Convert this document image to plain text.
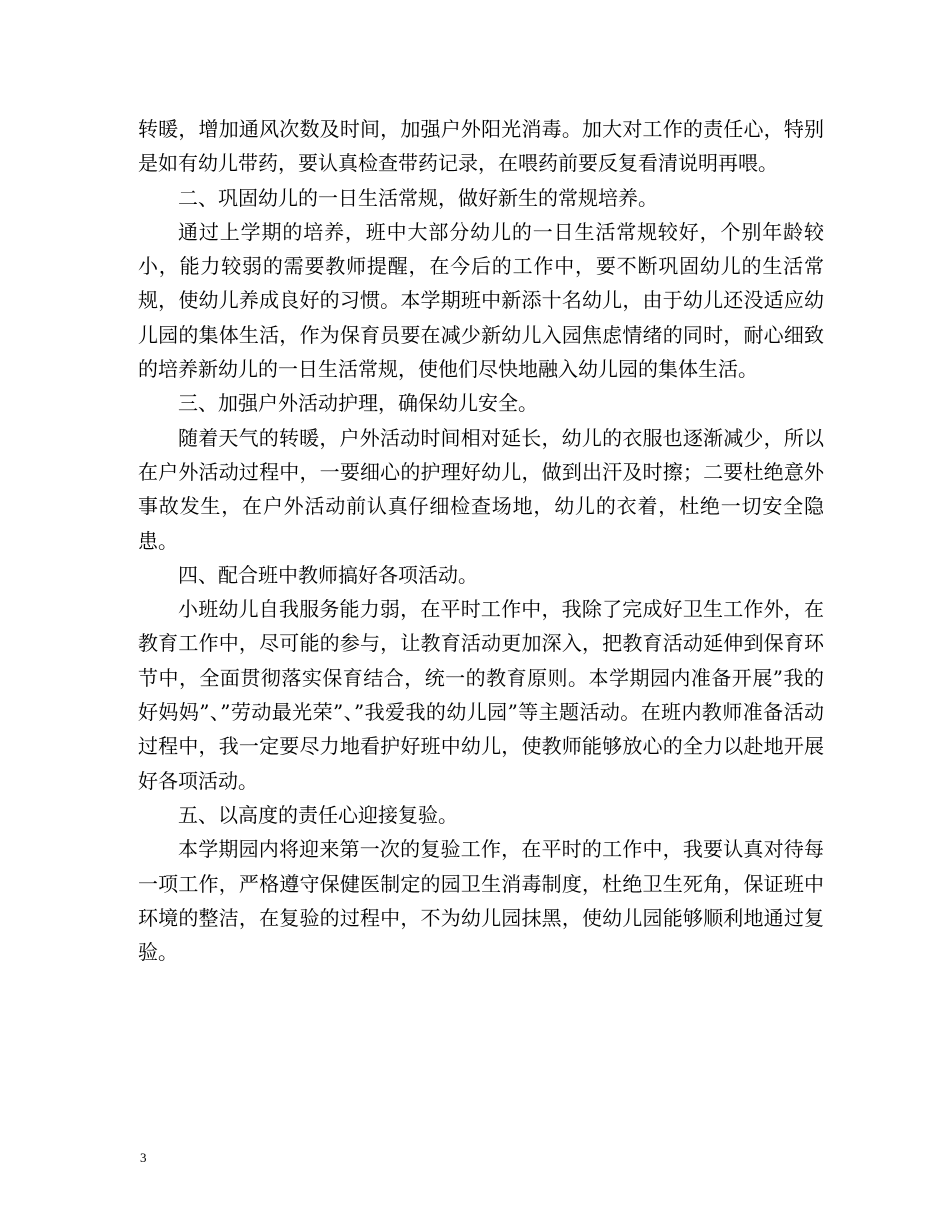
转暖，增加通风次数及时间，加强户外阳光消毒。加大对工作的责任心，特别是如有幼儿带药，要认真检查带药记录，在喂药前要反复看清说明再喂。

二、巩固幼儿的一日生活常规，做好新生的常规培养。

通过上学期的培养，班中大部分幼儿的一日生活常规较好，个别年龄较小，能力较弱的需要教师提醒，在今后的工作中，要不断巩固幼儿的生活常规，使幼儿养成良好的习惯。本学期班中新添十名幼儿，由于幼儿还没适应幼儿园的集体生活，作为保育员要在减少新幼儿入园焦虑情绪的同时，耐心细致的培养新幼儿的一日生活常规，使他们尽快地融入幼儿园的集体生活。

三、加强户外活动护理，确保幼儿安全。

随着天气的转暖，户外活动时间相对延长，幼儿的衣服也逐渐减少，所以在户外活动过程中，一要细心的护理好幼儿，做到出汗及时擦；二要杜绝意外事故发生，在户外活动前认真仔细检查场地，幼儿的衣着，杜绝一切安全隐患。

四、配合班中教师搞好各项活动。

小班幼儿自我服务能力弱，在平时工作中，我除了完成好卫生工作外，在教育工作中，尽可能的参与，让教育活动更加深入，把教育活动延伸到保育环节中，全面贯彻落实保育结合，统一的教育原则。本学期园内准备开展”我的好妈妈”、”劳动最光荣”、”我爱我的幼儿园”等主题活动。在班内教师准备活动过程中，我一定要尽力地看护好班中幼儿，使教师能够放心的全力以赴地开展好各项活动。

五、以高度的责任心迎接复验。

本学期园内将迎来第一次的复验工作，在平时的工作中，我要认真对待每一项工作，严格遵守保健医制定的园卫生消毒制度，杜绝卫生死角，保证班中环境的整洁，在复验的过程中，不为幼儿园抹黑，使幼儿园能够顺利地通过复验。

3
